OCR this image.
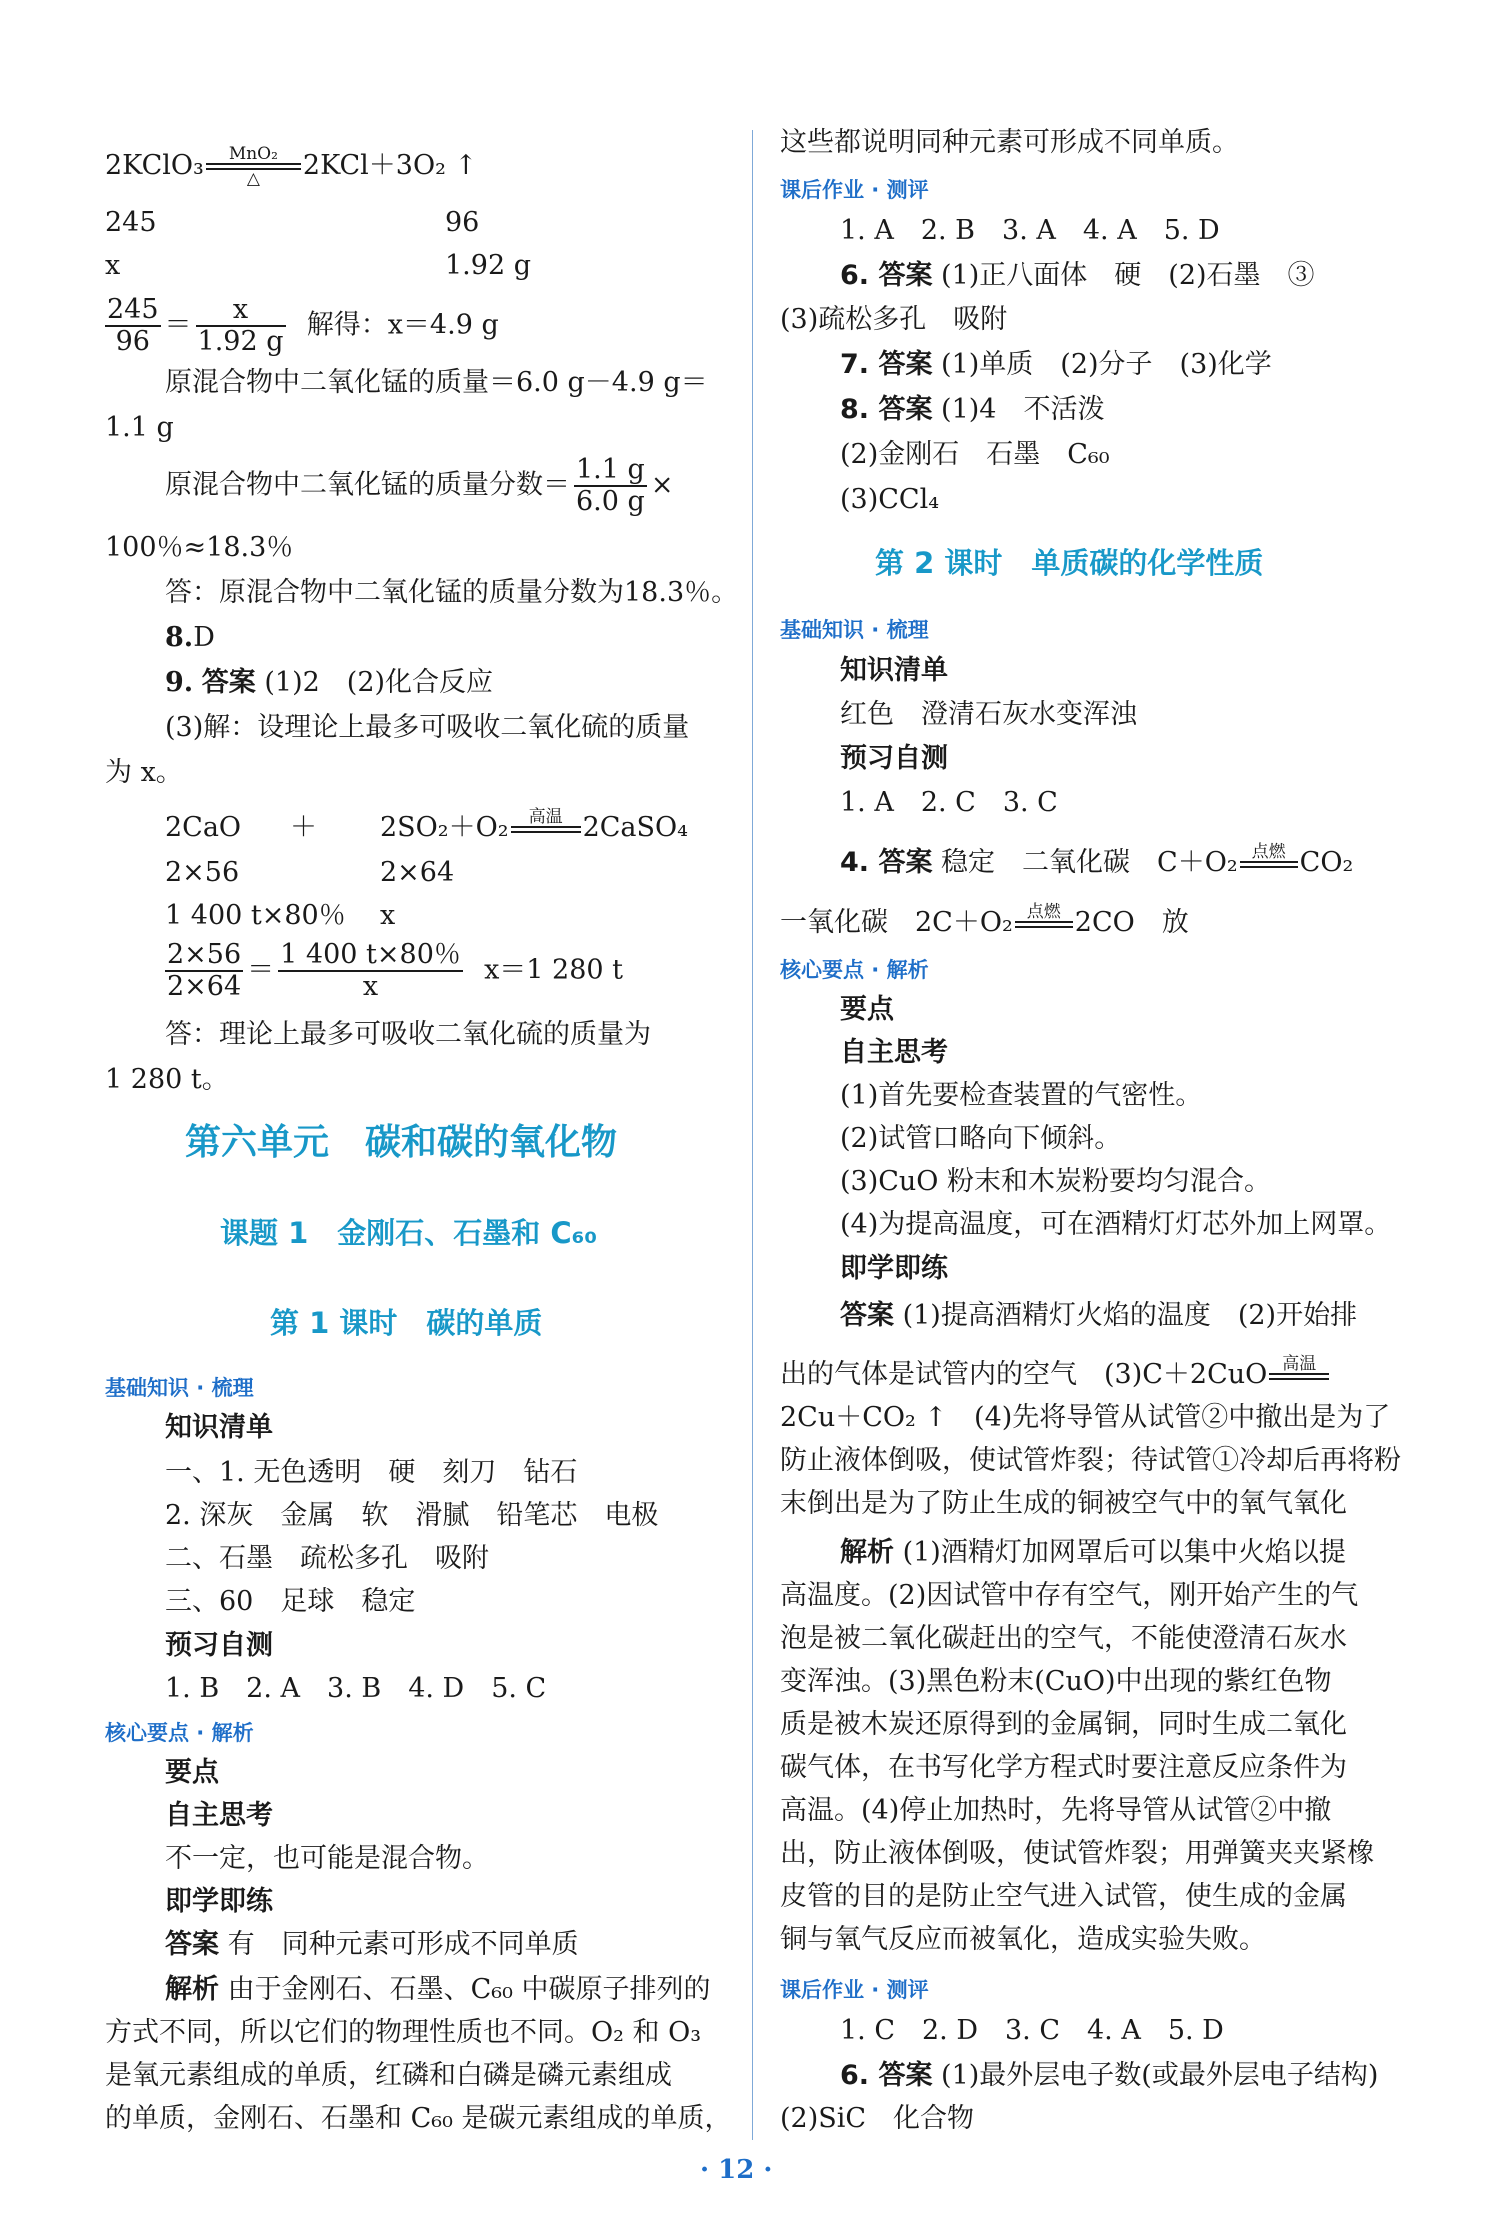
2KClO₃	MnO₂
△	2KCl＋3O₂ ↑
245	96
x	1.92 g
$\frac{245}{96} = \frac{x}{1.92 g}$ 解得：x＝4.9 g
原混合物中二氧化锰的质量＝6.0 g－4.9 g＝
1.1 g
原混合物中二氧化锰的质量分数＝ $\frac{1.1 g}{6.0 g}$ ×
100％≈18.3％
答：原混合物中二氧化锰的质量分数为18.3％。
8.D
9. 答案 (1)2　(2)化合反应
(3)解：设理论上最多可吸收二氧化硫的质量
为 x。
2CaO ＋ 2SO₂＋O₂	高温 2CaSO₄
2×56	2×64
1 400 t×80％ x
$\frac{2\times 56}{2\times 64} = \frac{1 400 t\times 80\%}{x} x=1$ 280 t
答：理论上最多可吸收二氧化硫的质量为
1 280 t。
第六单元　碳和碳的氧化物
课题 1　金刚石、石墨和 C₆₀
第 1 课时　碳的单质
基础知识 · 梳理
知识清单
一、1. 无色透明　硬　刻刀　钻石
2. 深灰　金属　软　滑腻　铅笔芯　电极
二、石墨　疏松多孔　吸附
三、60　足球　稳定
预习自测
1. B　2. A　3. B　4. D　5. C
核心要点 · 解析
要点
自主思考
不一定，也可能是混合物。
即学即练
答案 有　同种元素可形成不同单质
解析 由于金刚石、石墨、C₆₀ 中碳原子排列的
方式不同，所以它们的物理性质也不同。O₂ 和 O₃
是氧元素组成的单质，红磷和白磷是磷元素组成
的单质，金刚石、石墨和 C₆₀ 是碳元素组成的单质，
这些都说明同种元素可形成不同单质。
课后作业 · 测评
1. A　2. B　3. A　4. A　5. D
6. 答案 (1)正八面体　硬　(2)石墨　③
(3)疏松多孔　吸附
7. 答案 (1)单质　(2)分子　(3)化学
8. 答案 (1)4　不活泼
(2)金刚石　石墨　C₆₀
(3)CCl₄
第 2 课时　单质碳的化学性质
基础知识 · 梳理
知识清单
红色　澄清石灰水变浑浊
预习自测
1. A　2. C　3. C
4. 答案 稳定　二氧化碳　C＋O₂ 点燃 CO₂
一氧化碳　2C＋O₂ 点燃 2CO　放
核心要点 · 解析
要点
自主思考
(1)首先要检查装置的气密性。
(2)试管口略向下倾斜。
(3)CuO 粉末和木炭粉要均匀混合。
(4)为提高温度，可在酒精灯灯芯外加上网罩。
即学即练
答案 (1)提高酒精灯火焰的温度　(2)开始排
出的气体是试管内的空气　(3)C＋2CuO 高温
2Cu＋CO₂ ↑　(4)先将导管从试管②中撤出是为了
防止液体倒吸，使试管炸裂；待试管①冷却后再将粉
末倒出是为了防止生成的铜被空气中的氧气氧化
解析 (1)酒精灯加网罩后可以集中火焰以提
高温度。(2)因试管中存有空气，刚开始产生的气
泡是被二氧化碳赶出的空气，不能使澄清石灰水
变浑浊。(3)黑色粉末(CuO)中出现的紫红色物
质是被木炭还原得到的金属铜，同时生成二氧化
碳气体，在书写化学方程式时要注意反应条件为
高温。(4)停止加热时，先将导管从试管②中撤
出，防止液体倒吸，使试管炸裂；用弹簧夹夹紧橡
皮管的目的是防止空气进入试管，使生成的金属
铜与氧气反应而被氧化，造成实验失败。
课后作业 · 测评
1. C　2. D　3. C　4. A　5. D
6. 答案 (1)最外层电子数(或最外层电子结构)
(2)SiC　化合物
· 12 ·
